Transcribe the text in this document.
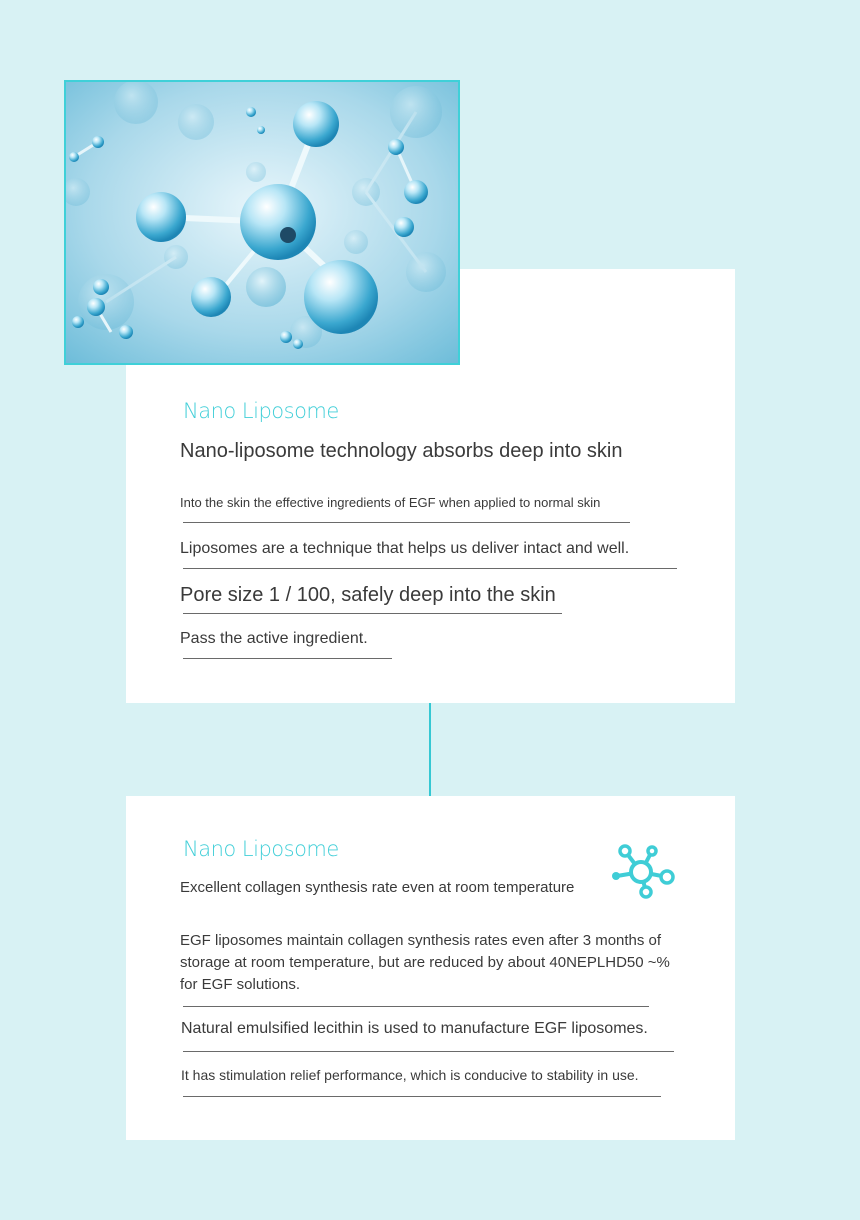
Nano Liposome
Nano-liposome technology absorbs deep into skin
Into the skin the effective ingredients of EGF when applied to normal skin
Liposomes are a technique that helps us deliver intact and well.
Pore size 1 / 100, safely deep into the skin
Pass the active ingredient.
Nano Liposome
Excellent collagen synthesis rate even at room temperature
EGF liposomes maintain collagen synthesis rates even after 3 months of storage at room temperature, but are reduced by about 40NEPLHD50 ~% for EGF solutions.
Natural emulsified lecithin is used to manufacture EGF liposomes.
It has stimulation relief performance, which is conducive to stability in use.
